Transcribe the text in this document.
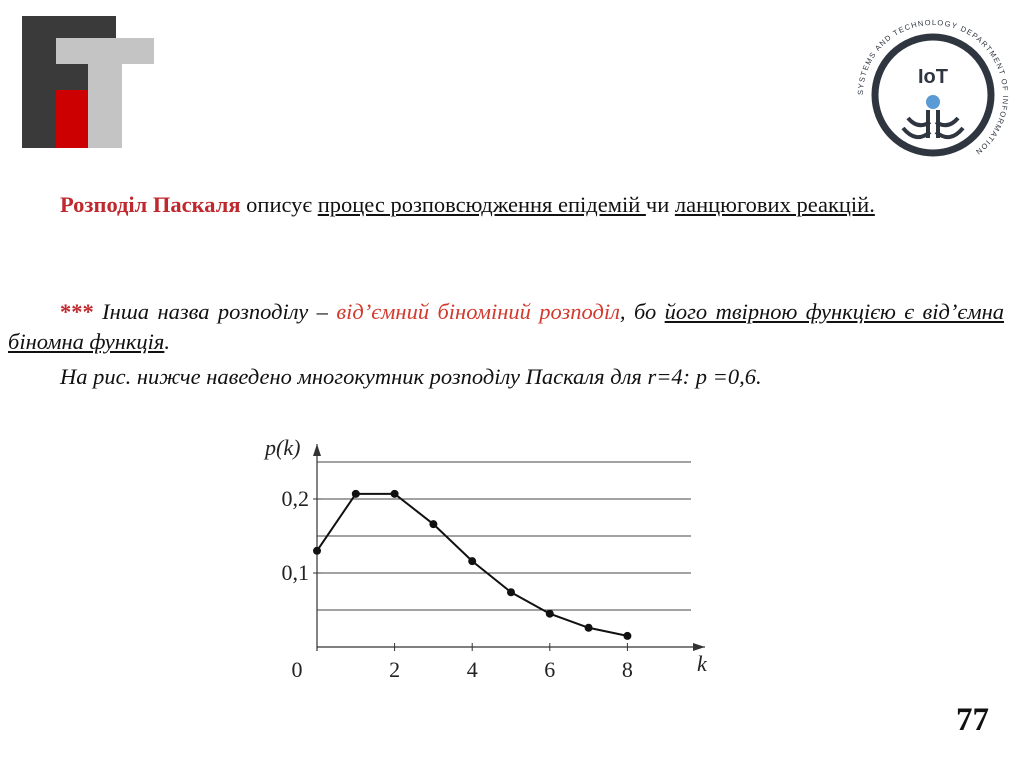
SYSTEMS AND TECHNOLOGY DEPARTMENT OF INFORMATION
IoT

Розподіл Паскаля описує процес розповсюдження епідемій чи ланцюгових реакцій.

*** Інша назва розподілу – від’ємний біноміний розподіл, бо його твірною функцією є від’ємна біномна функція.

На рис. нижче наведено многокутник розподілу Паскаля для r=4: p =0,6.

0	2	4	6	8
0,1
0,2
p(k)
k
77
